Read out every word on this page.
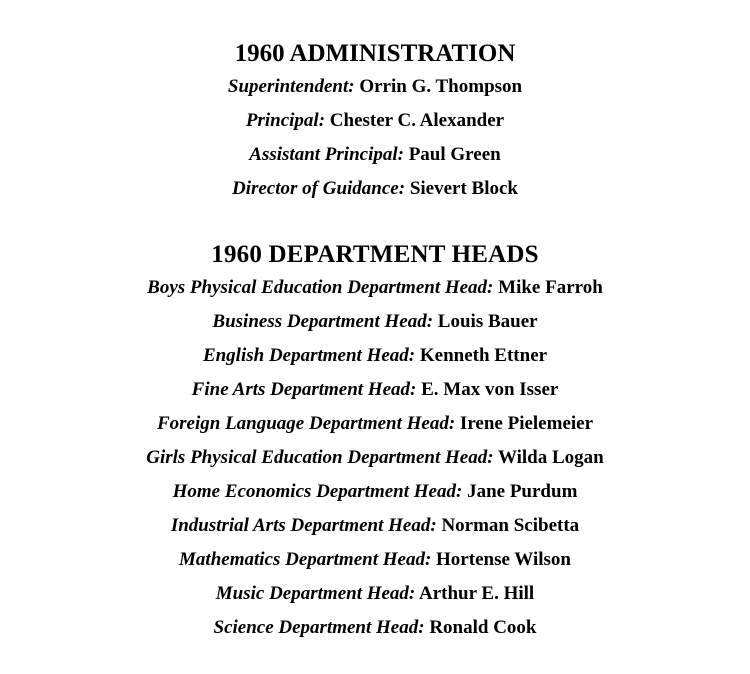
1960 ADMINISTRATION
Superintendent: Orrin G. Thompson
Principal: Chester C. Alexander
Assistant Principal: Paul Green
Director of Guidance: Sievert Block
1960 DEPARTMENT HEADS
Boys Physical Education Department Head: Mike Farroh
Business Department Head: Louis Bauer
English Department Head: Kenneth Ettner
Fine Arts Department Head: E. Max von Isser
Foreign Language Department Head: Irene Pielemeier
Girls Physical Education Department Head: Wilda Logan
Home Economics Department Head: Jane Purdum
Industrial Arts Department Head: Norman Scibetta
Mathematics Department Head: Hortense Wilson
Music Department Head: Arthur E. Hill
Science Department Head: Ronald Cook
